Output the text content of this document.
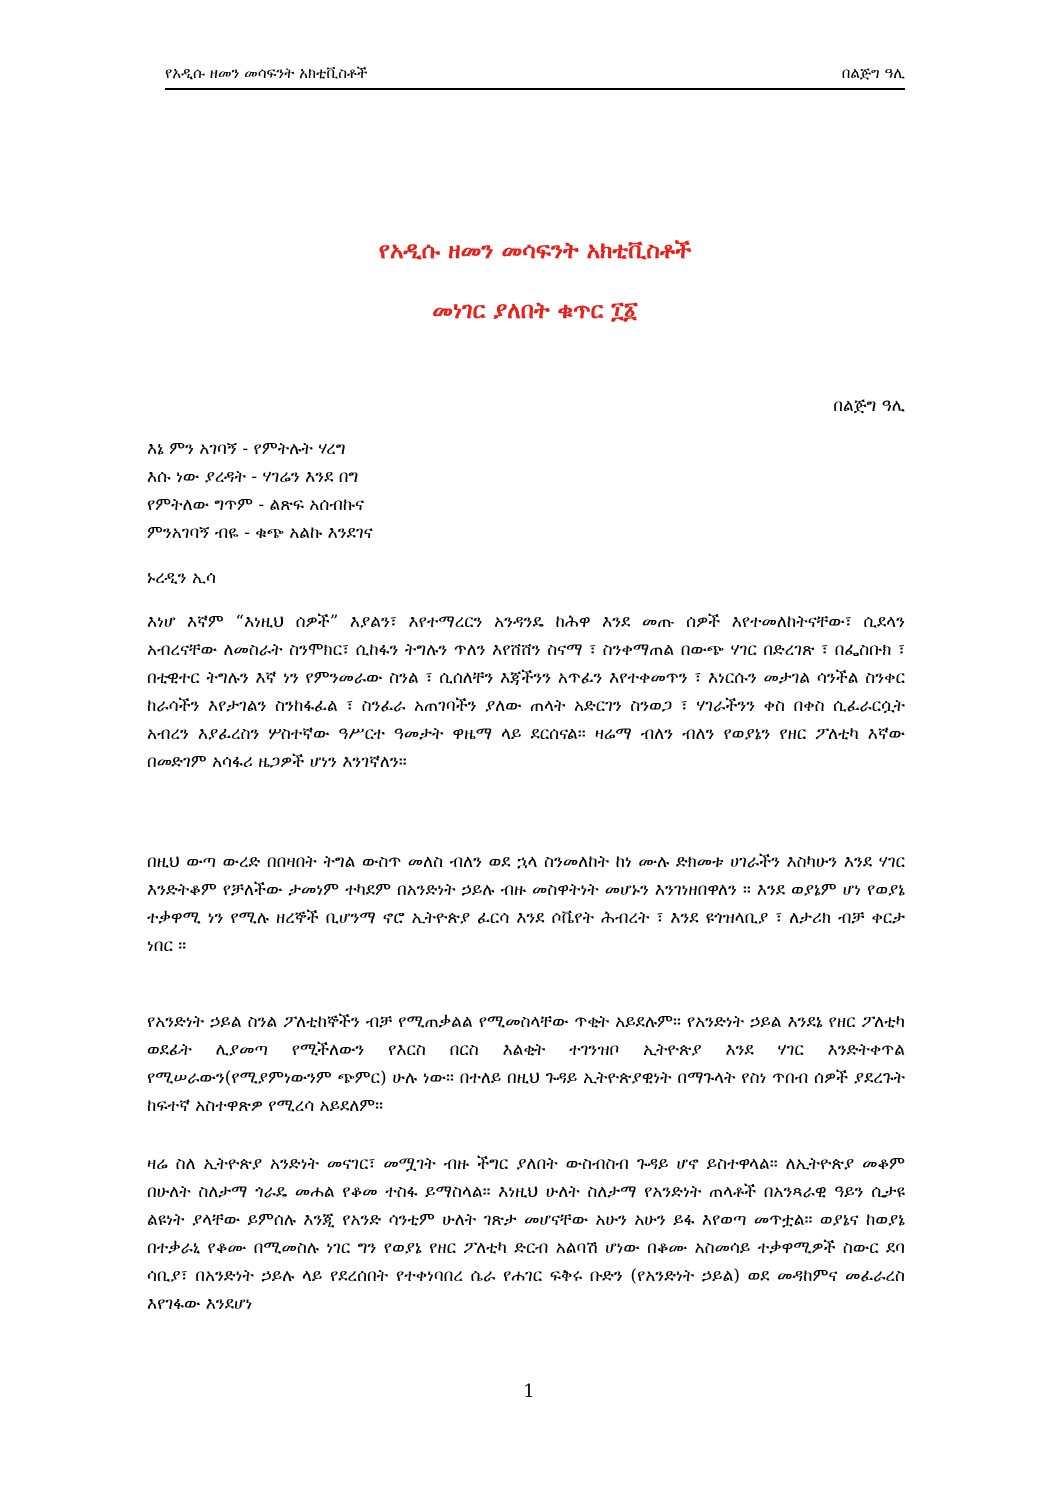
የአዲሱ ዘመን መሳፍንት አክቲቪስቶች	በልጅግ ዓሊ
የአዲሱ ዘመን መሳፍንት አክቲቪስቶች
መነገር ያለበት ቁጥር ፲፩
በልጅግ ዓሊ
እኔ ምን አገባኝ - የምትሉት ሃረግ
እሱ ነው ያረዳት - ሃገሬን እንደ በግ
የምትለው ግጥም - ልጽፍ አሰብኩና
ምንአገባኝ ብዬ - ቁጭ አልኩ እንደገና
ኑረዲን ኢሳ

እነሆ እኛም “እነዚህ ሰዎች” እያልን፣ እየተማረርን አንዳንዴ ከሕዋ እንደ መጡ ሰዎች እየተመለከትናቸው፣ ሲደላን አብረናቸው ለመስራት ስንሞክር፣ ሲከፋን ትግሉን ጥለን እየሸሸን ስናማ ፣ ስንቀማጠል በውጭ ሃገር በድረገጽ ፣ በፌስቡክ ፣ በቲዊተር ትግሉን እኛ ነን የምንመራው ስንል ፣ ሲሰለቸን እጃችንን አጥፈን እየተቀመጥን ፣ እነርሱን መታገል ሳንችል ስንቀር ከራሳችን እየታገልን ስንከፋፈል ፣ ስንፈራ አጠገባችን ያለው ጠላት አድርገን ስንወጋ ፣ ሃገራችንን ቀስ በቀስ ሲፈራርሷት አብረን እያፈረስን ሦስተኛው ዓሥርተ ዓመታት ዋዜማ ላይ ደርሰናል። ዛሬማ ብለን ብለን የወያኔን የዘር ፖለቲካ እኛው በመድገም አሳፋሪ ዜጋዎች ሆነን እንገኛለን።

በዚህ ውጣ ውረድ በበዛበት ትግል ውስጥ መለስ ብለን ወደ ኋላ ስንመለከት ከነ ሙሉ ድክመቱ ሀገራችን እስካሁን እንደ ሃገር እንድትቆም የቻለችው ታመነም ተካደም በአንድነት ኃይሉ ብዙ መስዋትነት መሆኑን እንገነዘበዋለን ። እንደ ወያኔም ሆነ የወያኔ ተቃዋሚ ነን የሚሉ ዘረኞች ቢሆንማ ኖሮ ኢትዮጵያ ፈርሳ እንደ ሶቬየት ሕብረት ፣ እንደ ዩጎዝላቢያ ፣ ለታሪክ ብቻ ቀርታ ነበር ።

የአንድነት ኃይል ስንል ፖለቲከኞችን ብቻ የሚጠቃልል የሚመስላቸው ጥቂት አይደሉም። የአንድነት ኃይል እንደኔ የዘር ፖለቲካ ወደፊት ሊያመጣ የሚችለውን የእርስ በርስ እልቂት ተገንዝቦ ኢትዮጵያ እንደ ሃገር እንድትቀጥል የሚሠራውን(የሚያምነውንም ጭምር) ሁሉ ነው። በተለይ በዚህ ጉዳይ ኢትዮጵያዊነት በማጉላት የስነ ጥበብ ሰዎች ያደረጉት ከፍተኛ አስተዋጽዎ የሚረሳ አይደለም።

ዛሬ ስለ ኢትዮጵያ አንድነት መናገር፣ መሟገት ብዙ ችግር ያለበት ውስብስብ ጉዳይ ሆኖ ይስተዋላል። ለኢትዮጵያ መቆም በሁለት ስለታማ ጎራዴ መሐል የቆመ ተስፋ ይማስላል። እነዚህ ሁለት ስለታማ የአንድነት ጠላቶች በአንጻራዊ ዓይን ሲታዩ ልዩነት ያላቸው ይምሰሉ እንጂ የአንድ ሳንቲም ሁለት ገጽታ መሆናቸው አሁን አሁን ይፋ እየወጣ መጥቷል። ወያኔና ከወያኔ በተቃራኒ የቆሙ በሚመስሉ ነገር ግን የወያኔ የዘር ፖለቲካ ድርብ አልባሽ ሆነው በቆሙ አስመሳይ ተቃዋሚዎች ስውር ደባ ሳቢያ፣ በአንድነት ኃይሉ ላይ የደረሰበት የተቀነባበረ ሴራ የሐገር ፍቅሩ ቡድን (የአንድነት ኃይል) ወደ መዳከምና መፈራረስ እየገፋው እንደሆነ

1
